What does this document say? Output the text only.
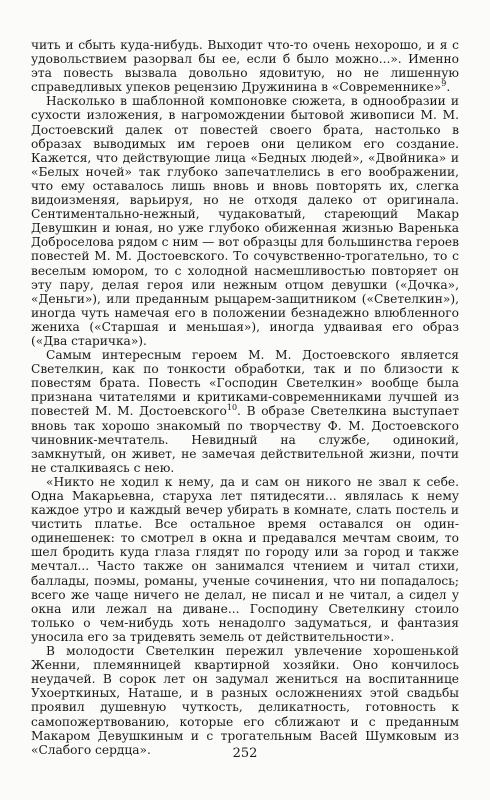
чить и сбыть куда-нибудь. Выходит что-то очень нехорошо, и я с удовольствием разорвал бы ее, если б было можно...». Именно эта повесть вызвала довольно ядовитую, но не лишенную справедливых упеков рецензию Дружинина в «Современнике»$^9$.

Насколько в шаблонной компоновке сюжета, в однообразии и сухости изложения, в нагромождении бытовой живописи М. М. Достоевский далек от повестей своего брата, настолько в образах выводимых им героев они целиком его создание. Кажется, что действующие лица «Бедных людей», «Двойника» и «Белых ночей» так глубоко запечатлелись в его воображении, что ему оставалось лишь вновь и вновь повторять их, слегка видоизменяя, варьируя, но не отходя далеко от оригинала. Сентиментально-нежный, чудаковатый, стареющий Макар Девушкин и юная, но уже глубоко обиженная жизнью Варенька Доброселова рядом с ним — вот образцы для большинства героев повестей М. М. Достоевского. То сочувственно-трогательно, то с веселым юмором, то с холодной насмешливостью повторяет он эту пару, делая героя или нежным отцом девушки («Дочка», «Деньги»), или преданным рыцарем-защитником («Светелкин»), иногда чуть намечая его в положении безнадежно влюбленного жениха («Старшая и меньшая»), иногда удваивая его образ («Два старичка»).

Самым интересным героем М. М. Достоевского является Светелкин, как по тонкости обработки, так и по близости к повестям брата. Повесть «Господин Светелкин» вообще была признана читателями и критиками-современниками лучшей из повестей М. М. Достоевского$^{10}$. В образе Светелкина выступает вновь так хорошо знакомый по творчеству Ф. М. Достоевского чиновник-мечтатель. Невидный на службе, одинокий, замкнутый, он живет, не замечая действительной жизни, почти не сталкиваясь с нею.

«Никто не ходил к нему, да и сам он никого не звал к себе. Одна Макарьевна, старуха лет пятидесяти... являлась к нему каждое утро и каждый вечер убирать в комнате, слать постель и чистить платье. Все остальное время оставался он один-одинешенек: то смотрел в окна и предавался мечтам своим, то шел бродить куда глаза глядят по городу или за город и также мечтал... Часто также он занимался чтением и читал стихи, баллады, поэмы, романы, ученые сочинения, что ни попадалось; всего же чаще ничего не делал, не писал и не читал, а сидел у окна или лежал на диване... Господину Светелкину стоило только о чем-нибудь хоть ненадолго задуматься, и фантазия уносила его за тридевять земель от действительности».

В молодости Светелкин пережил увлечение хорошенькой Женни, племянницей квартирной хозяйки. Оно кончилось неудачей. В сорок лет он задумал жениться на воспитаннице Ухоерткиных, Наташе, и в разных осложнениях этой свадьбы проявил душевную чуткость, деликатность, готовность к самопожертвованию, которые его сближают и с преданным Макаром Девушкиным и с трогательным Васей Шумковым из «Слабого сердца».	252
